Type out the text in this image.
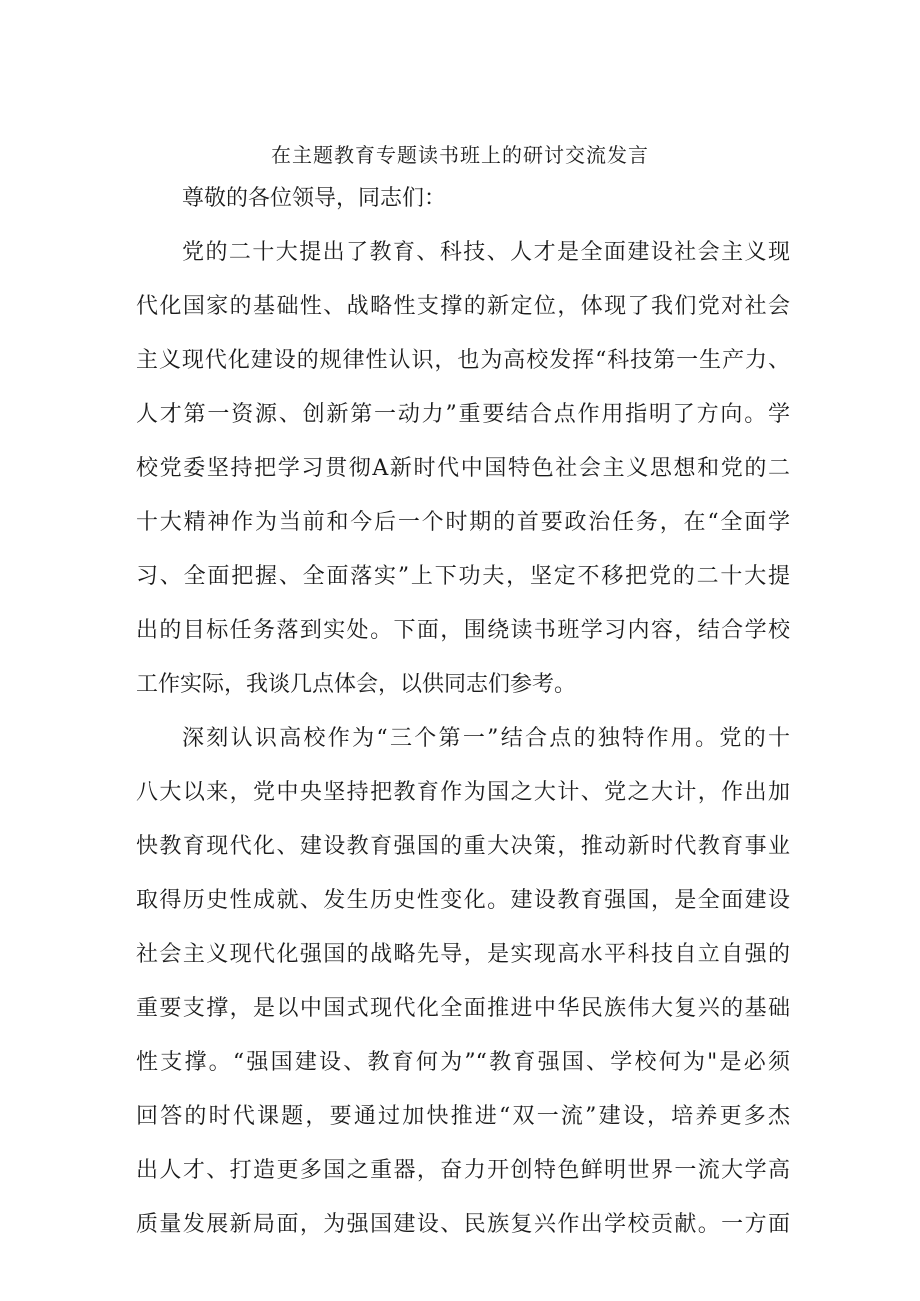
在主题教育专题读书班上的研讨交流发言
尊敬的各位领导，同志们：
党的二十大提出了教育、科技、人才是全面建设社会主义现
代化国家的基础性、战略性支撑的新定位，体现了我们党对社会
主义现代化建设的规律性认识，也为高校发挥“科技第一生产力、
人才第一资源、创新第一动力”重要结合点作用指明了方向。学
校党委坚持把学习贯彻A新时代中国特色社会主义思想和党的二
十大精神作为当前和今后一个时期的首要政治任务，在“全面学
习、全面把握、全面落实”上下功夫，坚定不移把党的二十大提
出的目标任务落到实处。下面，围绕读书班学习内容，结合学校
工作实际，我谈几点体会，以供同志们参考。
深刻认识高校作为“三个第一”结合点的独特作用。党的十
八大以来，党中央坚持把教育作为国之大计、党之大计，作出加
快教育现代化、建设教育强国的重大决策，推动新时代教育事业
取得历史性成就、发生历史性变化。建设教育强国，是全面建设
社会主义现代化强国的战略先导，是实现高水平科技自立自强的
重要支撑，是以中国式现代化全面推进中华民族伟大复兴的基础
性支撑。“强国建设、教育何为”“教育强国、学校何为"是必须
回答的时代课题，要通过加快推进“双一流”建设，培养更多杰
出人才、打造更多国之重器，奋力开创特色鲜明世界一流大学高
质量发展新局面，为强国建设、民族复兴作出学校贡献。一方面
